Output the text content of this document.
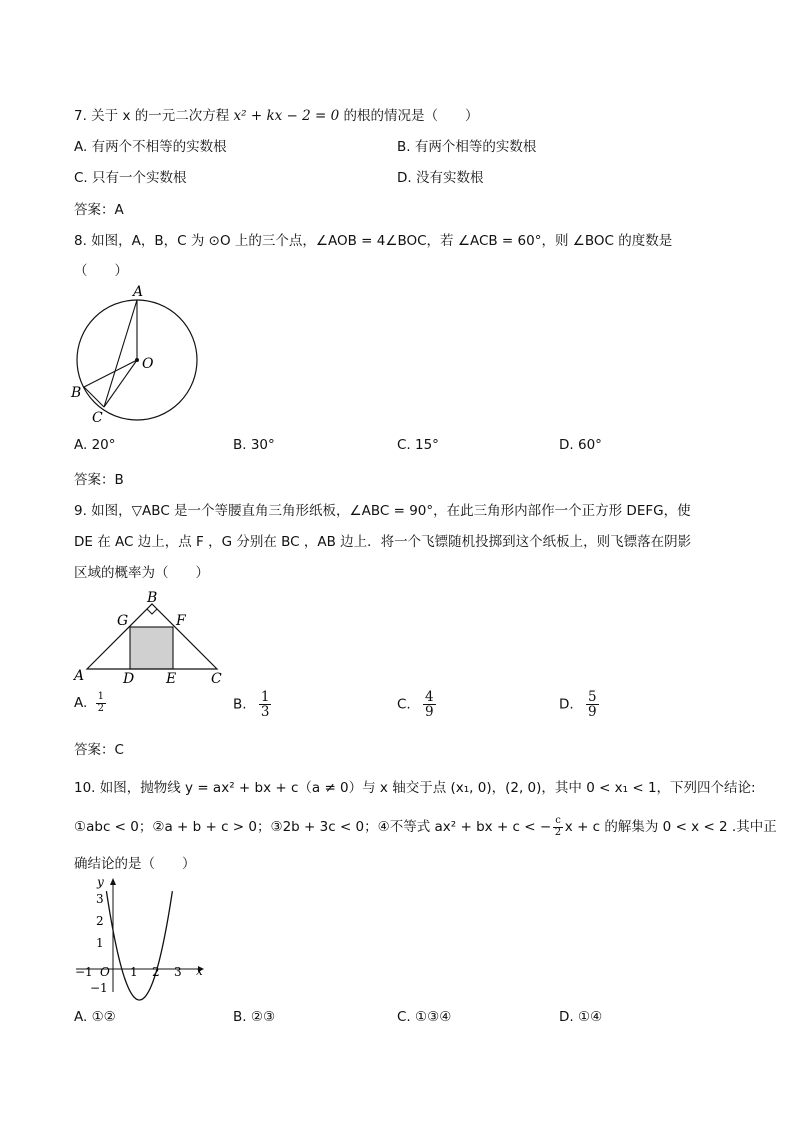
7. 关于 x 的一元二次方程 x² + kx − 2 = 0 的根的情况是（　　）
A. 有两个不相等的实数根	B. 有两个相等的实数根
C. 只有一个实数根	D. 没有实数根
答案：A
8. 如图，A，B，C 为 ⊙O 上的三个点，∠AOB = 4∠BOC，若 ∠ACB = 60°，则 ∠BOC 的度数是
（　　）
A
O
B
C
A. 20°	B. 30°	C. 15°	D. 60°
答案：B
9. 如图，▽ABC 是一个等腰直角三角形纸板，∠ABC = 90°，在此三角形内部作一个正方形 DEFG，使
DE 在 AC 边上，点 F ，G 分别在 BC ，AB 边上．将一个飞镖随机投掷到这个纸板上，则飞镖落在阴影
区域的概率为（　　）
B
G	F
A	D E C
A. $\frac{1}{2}$	B. $\frac{1}{3}$	C. $\frac{4}{9}$	D. $\frac{5}{9}$
答案：C
10. 如图，抛物线 y = ax² + bx + c（a ≠ 0）与 x 轴交于点 (x₁, 0)，(2, 0)，其中 0 < x₁ < 1，下列四个结论:
①abc < 0；②a + b + c > 0；③2b + 3c < 0；④不等式 ax² + bx + c < − $\frac{c}{2}$ x + c 的解集为 0 < x < 2 .其中正
确结论的是（　　）
y
x
3
2
1
−1
−1 O 1 2 3
A. ①②	B. ②③	C. ①③④	D. ①④
